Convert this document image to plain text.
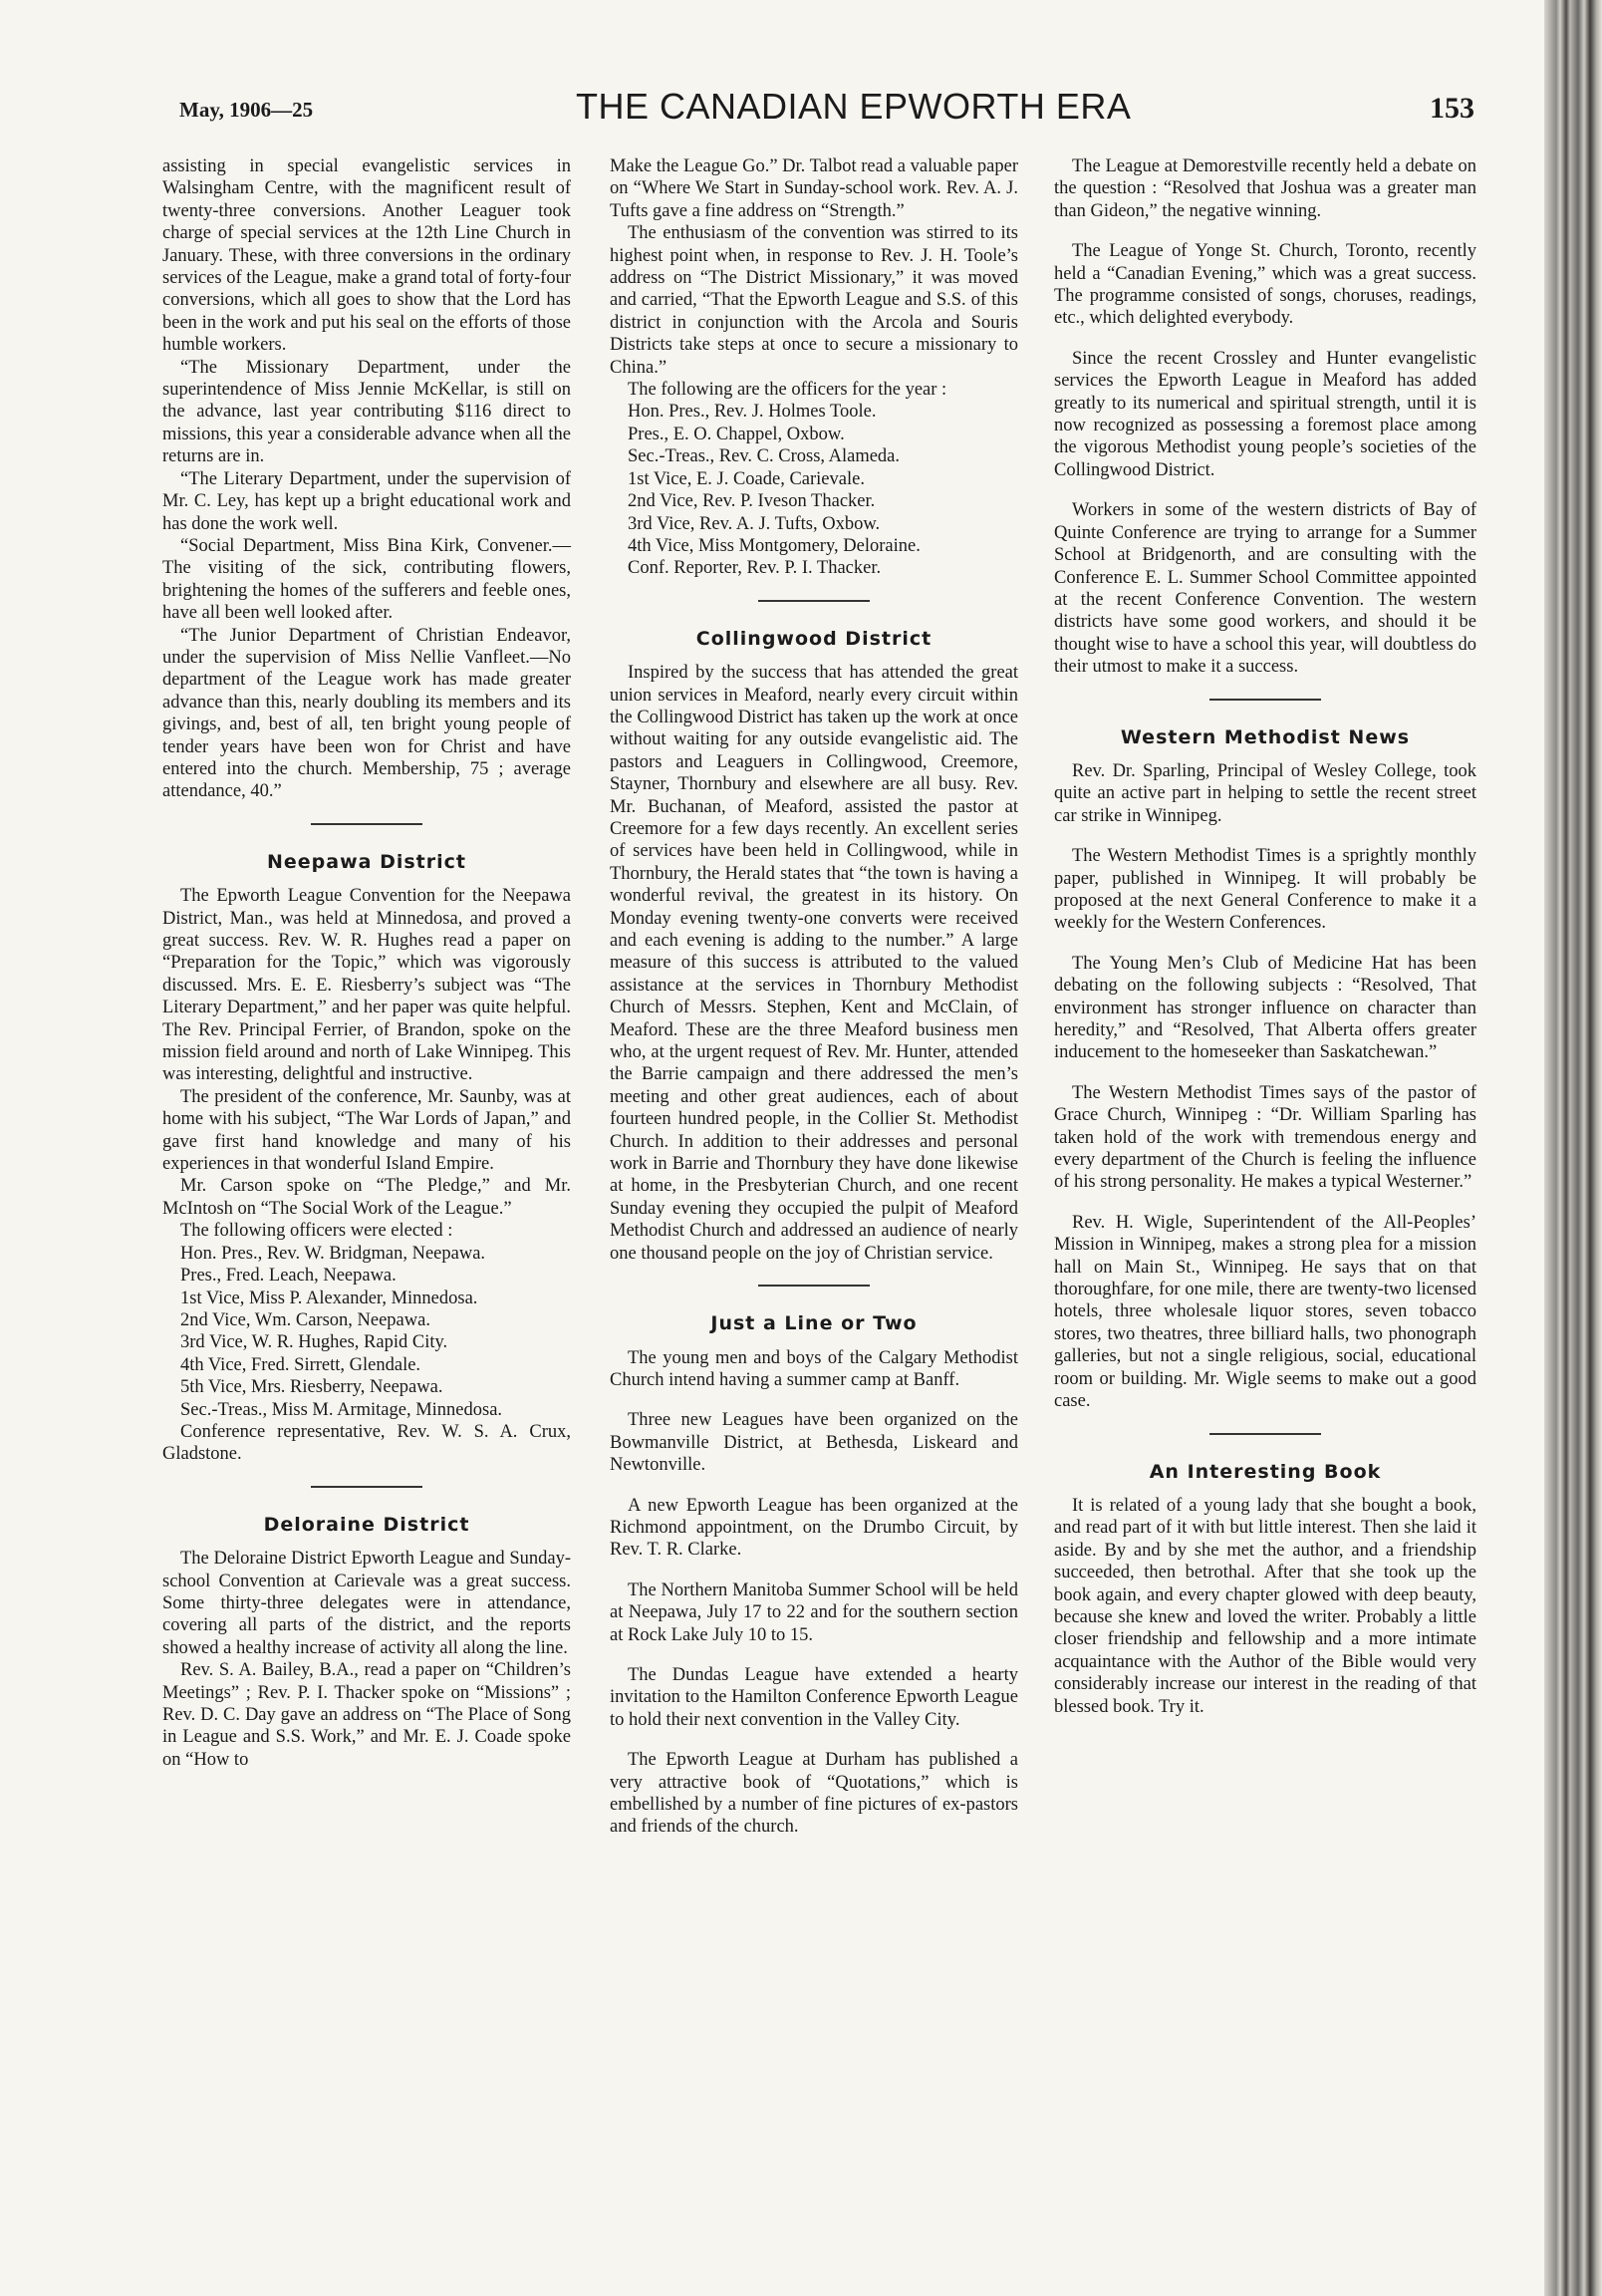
May, 1906—25	THE CANADIAN EPWORTH ERA	153

assisting in special evangelistic services in Walsingham Centre, with the magnificent result of twenty-three conversions. Another Leaguer took charge of special services at the 12th Line Church in January. These, with three conversions in the ordinary services of the League, make a grand total of forty-four conversions, which all goes to show that the Lord has been in the work and put his seal on the efforts of those humble workers.

“The Missionary Department, under the superintendence of Miss Jennie McKellar, is still on the advance, last year contributing $116 direct to missions, this year a considerable advance when all the returns are in.

“The Literary Department, under the supervision of Mr. C. Ley, has kept up a bright educational work and has done the work well.

“Social Department, Miss Bina Kirk, Convener.—The visiting of the sick, contributing flowers, brightening the homes of the sufferers and feeble ones, have all been well looked after.

“The Junior Department of Christian Endeavor, under the supervision of Miss Nellie Vanfleet.—No department of the League work has made greater advance than this, nearly doubling its members and its givings, and, best of all, ten bright young people of tender years have been won for Christ and have entered into the church. Membership, 75 ; average attendance, 40.”

Neepawa District

The Epworth League Convention for the Neepawa District, Man., was held at Minnedosa, and proved a great success. Rev. W. R. Hughes read a paper on “Preparation for the Topic,” which was vigorously discussed. Mrs. E. E. Riesberry’s subject was “The Literary Department,” and her paper was quite helpful. The Rev. Principal Ferrier, of Brandon, spoke on the mission field around and north of Lake Winnipeg. This was interesting, delightful and instructive.

The president of the conference, Mr. Saunby, was at home with his subject, “The War Lords of Japan,” and gave first hand knowledge and many of his experiences in that wonderful Island Empire.

Mr. Carson spoke on “The Pledge,” and Mr. McIntosh on “The Social Work of the League.”

The following officers were elected :

Hon. Pres., Rev. W. Bridgman, Neepawa.

Pres., Fred. Leach, Neepawa.

1st Vice, Miss P. Alexander, Minnedosa.

2nd Vice, Wm. Carson, Neepawa.

3rd Vice, W. R. Hughes, Rapid City.

4th Vice, Fred. Sirrett, Glendale.

5th Vice, Mrs. Riesberry, Neepawa.

Sec.-Treas., Miss M. Armitage, Minnedosa.

Conference representative, Rev. W. S. A. Crux, Gladstone.

Deloraine District

The Deloraine District Epworth League and Sunday-school Convention at Carievale was a great success. Some thirty-three delegates were in attendance, covering all parts of the district, and the reports showed a healthy increase of activity all along the line.

Rev. S. A. Bailey, B.A., read a paper on “Children’s Meetings” ; Rev. P. I. Thacker spoke on “Missions” ; Rev. D. C. Day gave an address on “The Place of Song in League and S.S. Work,” and Mr. E. J. Coade spoke on “How to

Make the League Go.” Dr. Talbot read a valuable paper on “Where We Start in Sunday-school work. Rev. A. J. Tufts gave a fine address on “Strength.”

The enthusiasm of the convention was stirred to its highest point when, in response to Rev. J. H. Toole’s address on “The District Missionary,” it was moved and carried, “That the Epworth League and S.S. of this district in conjunction with the Arcola and Souris Districts take steps at once to secure a missionary to China.”

The following are the officers for the year :

Hon. Pres., Rev. J. Holmes Toole.

Pres., E. O. Chappel, Oxbow.

Sec.-Treas., Rev. C. Cross, Alameda.

1st Vice, E. J. Coade, Carievale.

2nd Vice, Rev. P. Iveson Thacker.

3rd Vice, Rev. A. J. Tufts, Oxbow.

4th Vice, Miss Montgomery, Deloraine.

Conf. Reporter, Rev. P. I. Thacker.

Collingwood District

Inspired by the success that has attended the great union services in Meaford, nearly every circuit within the Collingwood District has taken up the work at once without waiting for any outside evangelistic aid. The pastors and Leaguers in Collingwood, Creemore, Stayner, Thornbury and elsewhere are all busy. Rev. Mr. Buchanan, of Meaford, assisted the pastor at Creemore for a few days recently. An excellent series of services have been held in Collingwood, while in Thornbury, the Herald states that “the town is having a wonderful revival, the greatest in its history. On Monday evening twenty-one converts were received and each evening is adding to the number.” A large measure of this success is attributed to the valued assistance at the services in Thornbury Methodist Church of Messrs. Stephen, Kent and McClain, of Meaford. These are the three Meaford business men who, at the urgent request of Rev. Mr. Hunter, attended the Barrie campaign and there addressed the men’s meeting and other great audiences, each of about fourteen hundred people, in the Collier St. Methodist Church. In addition to their addresses and personal work in Barrie and Thornbury they have done likewise at home, in the Presbyterian Church, and one recent Sunday evening they occupied the pulpit of Meaford Methodist Church and addressed an audience of nearly one thousand people on the joy of Christian service.

Just a Line or Two

The young men and boys of the Calgary Methodist Church intend having a summer camp at Banff.

Three new Leagues have been organized on the Bowmanville District, at Bethesda, Liskeard and Newtonville.

A new Epworth League has been organized at the Richmond appointment, on the Drumbo Circuit, by Rev. T. R. Clarke.

The Northern Manitoba Summer School will be held at Neepawa, July 17 to 22 and for the southern section at Rock Lake July 10 to 15.

The Dundas League have extended a hearty invitation to the Hamilton Conference Epworth League to hold their next convention in the Valley City.

The Epworth League at Durham has published a very attractive book of “Quotations,” which is embellished by a number of fine pictures of ex-pastors and friends of the church.

The League at Demorestville recently held a debate on the question : “Resolved that Joshua was a greater man than Gideon,” the negative winning.

The League of Yonge St. Church, Toronto, recently held a “Canadian Evening,” which was a great success. The programme consisted of songs, choruses, readings, etc., which delighted everybody.

Since the recent Crossley and Hunter evangelistic services the Epworth League in Meaford has added greatly to its numerical and spiritual strength, until it is now recognized as possessing a foremost place among the vigorous Methodist young people’s societies of the Collingwood District.

Workers in some of the western districts of Bay of Quinte Conference are trying to arrange for a Summer School at Bridgenorth, and are consulting with the Conference E. L. Summer School Committee appointed at the recent Conference Convention. The western districts have some good workers, and should it be thought wise to have a school this year, will doubtless do their utmost to make it a success.

Western Methodist News

Rev. Dr. Sparling, Principal of Wesley College, took quite an active part in helping to settle the recent street car strike in Winnipeg.

The Western Methodist Times is a sprightly monthly paper, published in Winnipeg. It will probably be proposed at the next General Conference to make it a weekly for the Western Conferences.

The Young Men’s Club of Medicine Hat has been debating on the following subjects : “Resolved, That environment has stronger influence on character than heredity,” and “Resolved, That Alberta offers greater inducement to the homeseeker than Saskatchewan.”

The Western Methodist Times says of the pastor of Grace Church, Winnipeg : “Dr. William Sparling has taken hold of the work with tremendous energy and every department of the Church is feeling the influence of his strong personality. He makes a typical Westerner.”

Rev. H. Wigle, Superintendent of the All-Peoples’ Mission in Winnipeg, makes a strong plea for a mission hall on Main St., Winnipeg. He says that on that thoroughfare, for one mile, there are twenty-two licensed hotels, three wholesale liquor stores, seven tobacco stores, two theatres, three billiard halls, two phonograph galleries, but not a single religious, social, educational room or building. Mr. Wigle seems to make out a good case.

An Interesting Book

It is related of a young lady that she bought a book, and read part of it with but little interest. Then she laid it aside. By and by she met the author, and a friendship succeeded, then betrothal. After that she took up the book again, and every chapter glowed with deep beauty, because she knew and loved the writer. Probably a little closer friendship and fellowship and a more intimate acquaintance with the Author of the Bible would very considerably increase our interest in the reading of that blessed book. Try it.
